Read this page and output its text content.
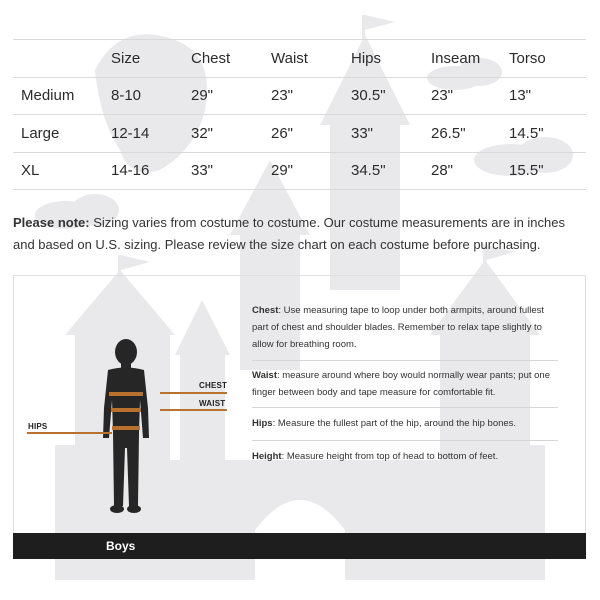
	Size	Chest	Waist	Hips	Inseam	Torso
Medium	8-10	29"	23"	30.5"	23"	13"
Large	12-14	32"	26"	33"	26.5"	14.5"
XL	14-16	33"	29"	34.5"	28"	15.5"
Please note: Sizing varies from costume to costume. Our costume measurements are in inches and based on U.S. sizing. Please review the size chart on each costume before purchasing.
CHEST
WAIST
HIPS
Chest: Use measuring tape to loop under both armpits, around fullest part of chest and shoulder blades. Remember to relax tape slightly to allow for breathing room.
Waist: measure around where boy would normally wear pants; put one finger between body and tape measure for comfortable fit.
Hips: Measure the fullest part of the hip, around the hip bones.
Height: Measure height from top of head to bottom of feet.
Boys
